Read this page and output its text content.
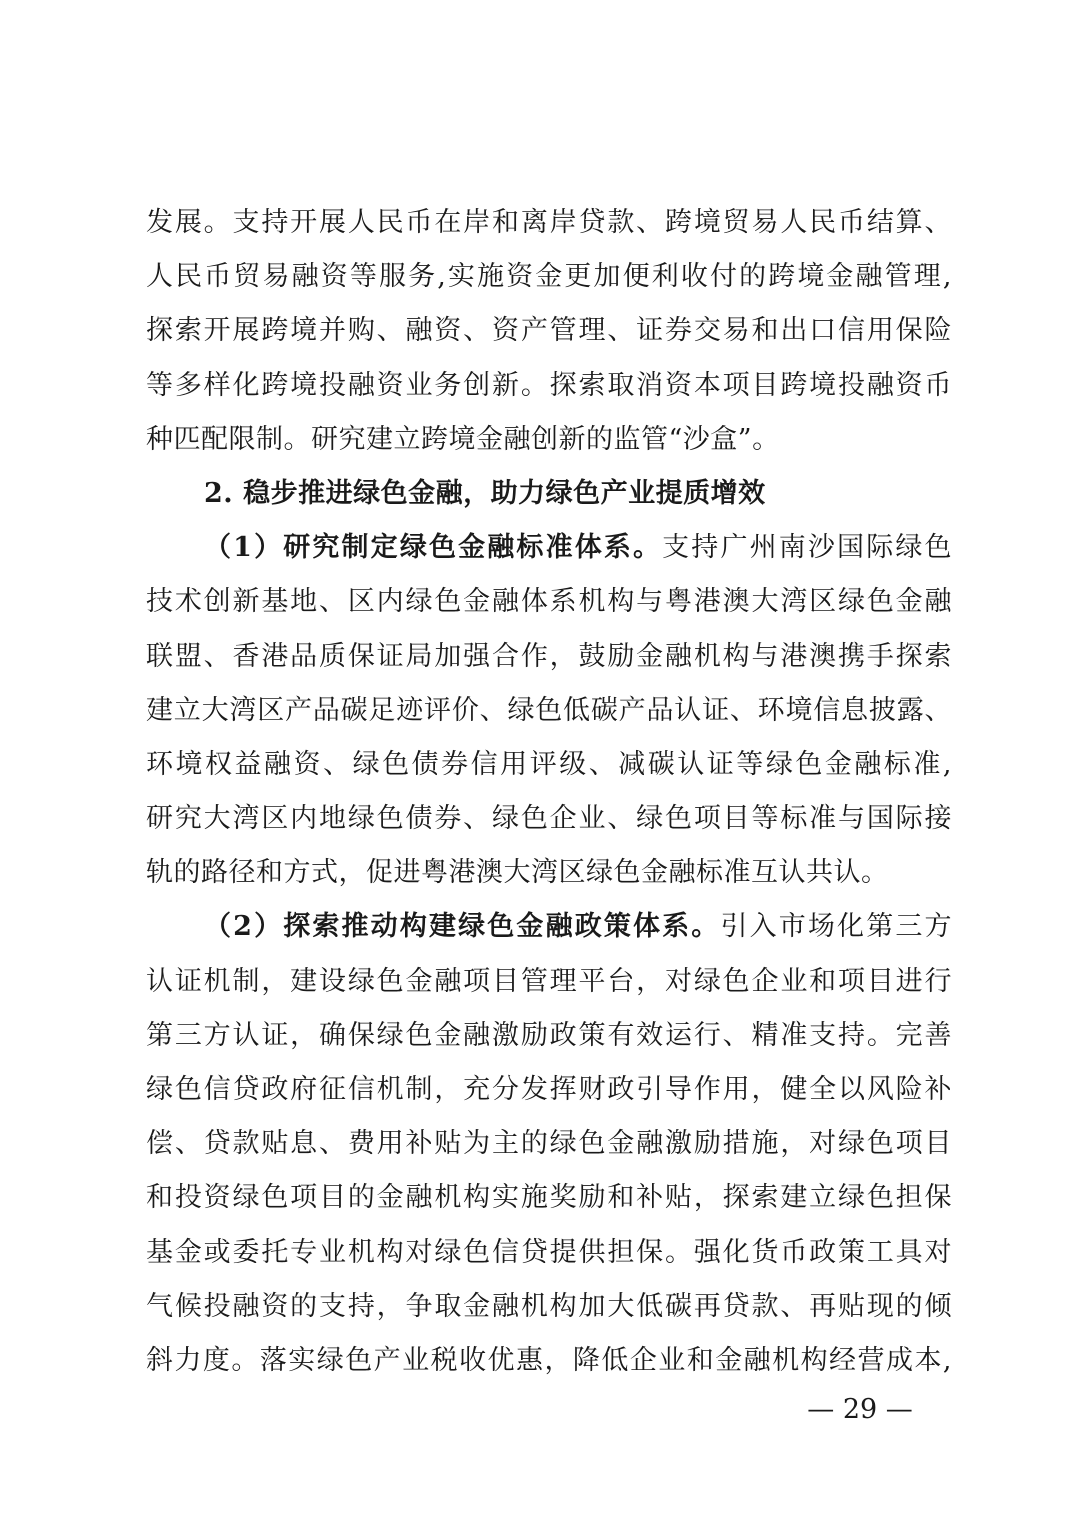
发展。支持开展人民币在岸和离岸贷款、跨境贸易人民币结算、
人民币贸易融资等服务,实施资金更加便利收付的跨境金融管理,
探索开展跨境并购、融资、资产管理、证券交易和出口信用保险
等多样化跨境投融资业务创新。探索取消资本项目跨境投融资币
种匹配限制。研究建立跨境金融创新的监管“沙盒”。
2. 稳步推进绿色金融，助力绿色产业提质增效
（1）研究制定绿色金融标准体系。支持广州南沙国际绿色
技术创新基地、区内绿色金融体系机构与粤港澳大湾区绿色金融
联盟、香港品质保证局加强合作，鼓励金融机构与港澳携手探索
建立大湾区产品碳足迹评价、绿色低碳产品认证、环境信息披露、
环境权益融资、绿色债券信用评级、减碳认证等绿色金融标准,
研究大湾区内地绿色债券、绿色企业、绿色项目等标准与国际接
轨的路径和方式，促进粤港澳大湾区绿色金融标准互认共认。
（2）探索推动构建绿色金融政策体系。引入市场化第三方
认证机制，建设绿色金融项目管理平台，对绿色企业和项目进行
第三方认证，确保绿色金融激励政策有效运行、精准支持。完善
绿色信贷政府征信机制，充分发挥财政引导作用，健全以风险补
偿、贷款贴息、费用补贴为主的绿色金融激励措施，对绿色项目
和投资绿色项目的金融机构实施奖励和补贴，探索建立绿色担保
基金或委托专业机构对绿色信贷提供担保。强化货币政策工具对
气候投融资的支持，争取金融机构加大低碳再贷款、再贴现的倾
斜力度。落实绿色产业税收优惠，降低企业和金融机构经营成本,
— 29 —
